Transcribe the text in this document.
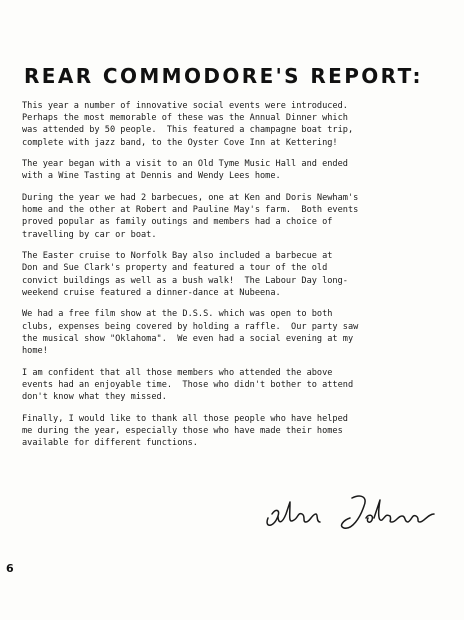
REAR COMMODORE'S REPORT:

This year a number of innovative social events were introduced.
Perhaps the most memorable of these was the Annual Dinner which
was attended by 50 people.  This featured a champagne boat trip,
complete with jazz band, to the Oyster Cove Inn at Kettering!

The year began with a visit to an Old Tyme Music Hall and ended
with a Wine Tasting at Dennis and Wendy Lees home.

During the year we had 2 barbecues, one at Ken and Doris Newham's
home and the other at Robert and Pauline May's farm.  Both events
proved popular as family outings and members had a choice of
travelling by car or boat.

The Easter cruise to Norfolk Bay also included a barbecue at
Don and Sue Clark's property and featured a tour of the old
convict buildings as well as a bush walk!  The Labour Day long-
weekend cruise featured a dinner-dance at Nubeena.

We had a free film show at the D.S.S. which was open to both
clubs, expenses being covered by holding a raffle.  Our party saw
the musical show "Oklahoma".  We even had a social evening at my
home!

I am confident that all those members who attended the above
events had an enjoyable time.  Those who didn't bother to attend
don't know what they missed.

Finally, I would like to thank all those people who have helped
me during the year, especially those who have made their homes
available for different functions.

6
